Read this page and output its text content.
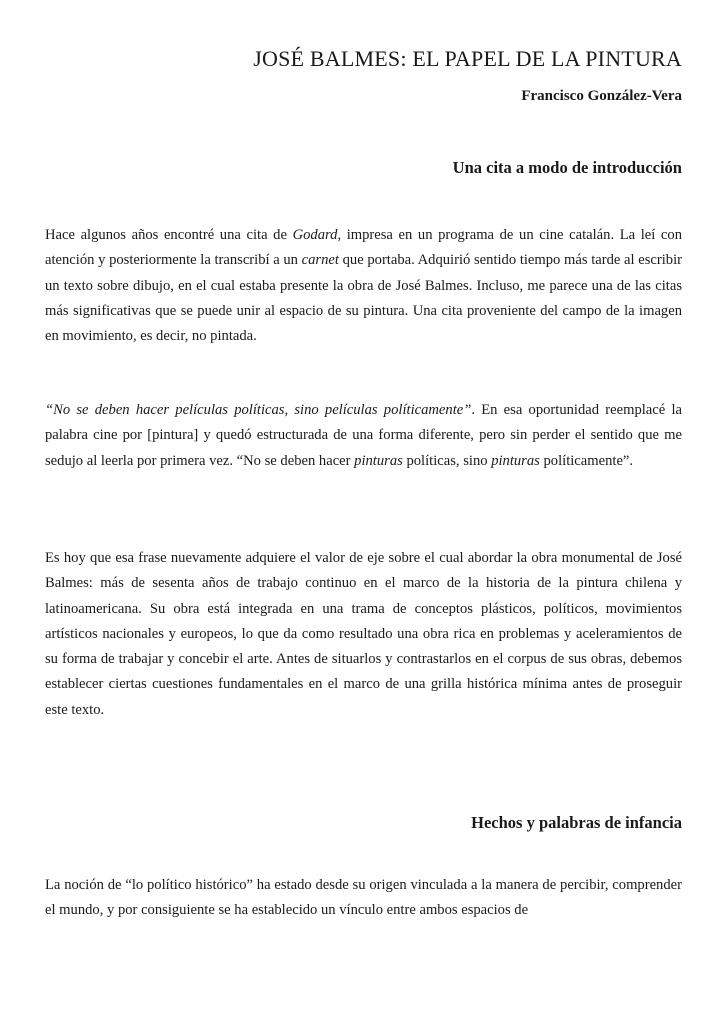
JOSÉ BALMES: EL PAPEL DE LA PINTURA

Francisco González-Vera

Una cita a modo de introducción

Hace algunos años encontré una cita de Godard, impresa en un programa de un cine catalán. La leí con atención y posteriormente la transcribí a un carnet que portaba. Adquirió sentido tiempo más tarde al escribir un texto sobre dibujo, en el cual estaba presente la obra de José Balmes. Incluso, me parece una de las citas más significativas que se puede unir al espacio de su pintura. Una cita proveniente del campo de la imagen en movimiento, es decir, no pintada.

“No se deben hacer películas políticas, sino películas políticamente”. En esa oportunidad reemplacé la palabra cine por [pintura] y quedó estructurada de una forma diferente, pero sin perder el sentido que me sedujo al leerla por primera vez. “No se deben hacer pinturas políticas, sino pinturas políticamente”.

Es hoy que esa frase nuevamente adquiere el valor de eje sobre el cual abordar la obra monumental de José Balmes: más de sesenta años de trabajo continuo en el marco de la historia de la pintura chilena y latinoamericana. Su obra está integrada en una trama de conceptos plásticos, políticos, movimientos artísticos nacionales y europeos, lo que da como resultado una obra rica en problemas y aceleramientos de su forma de trabajar y concebir el arte. Antes de situarlos y contrastarlos en el corpus de sus obras, debemos establecer ciertas cuestiones fundamentales en el marco de una grilla histórica mínima antes de proseguir este texto.

Hechos y palabras de infancia

La noción de “lo político histórico” ha estado desde su origen vinculada a la manera de percibir, comprender el mundo, y por consiguiente se ha establecido un vínculo entre ambos espacios de
